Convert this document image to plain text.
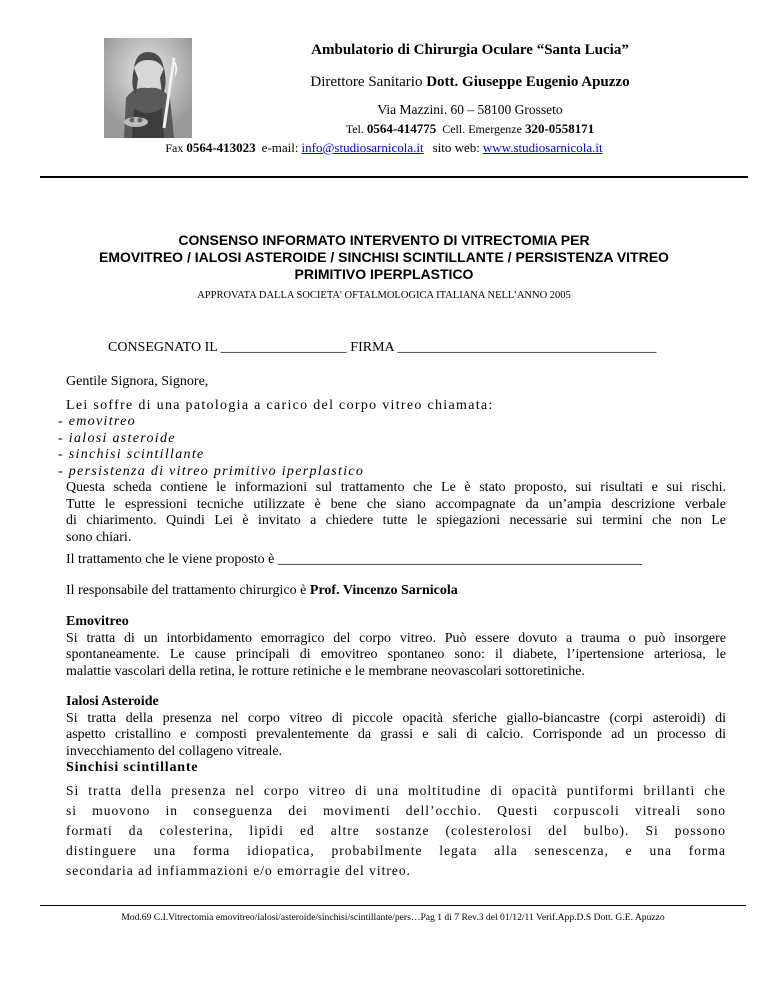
Ambulatorio di Chirurgia Oculare “Santa Lucia”
Direttore Sanitario Dott. Giuseppe Eugenio Apuzzo
Via Mazzini. 60 – 58100 Grosseto
Tel. 0564-414775 Cell. Emergenze 320-0558171
Fax 0564-413023 e-mail: info@studiosarnicola.it sito web: www.studiosarnicola.it
CONSENSO INFORMATO INTERVENTO DI VITRECTOMIA PER
EMOVITREO / IALOSI ASTEROIDE / SINCHISI SCINTILLANTE / PERSISTENZA VITREO
PRIMITIVO IPERPLASTICO
APPROVATA DALLA SOCIETA' OFTALMOLOGICA ITALIANA NELL’ANNO 2005
CONSEGNATO IL __________________ FIRMA _____________________________________
Gentile Signora, Signore,
Lei soffre di una patologia a carico del corpo vitreo chiamata:
- emovitreo
- ialosi asteroide
- sinchisi scintillante
- persistenza di vitreo primitivo iperplastico
Questa scheda contiene le informazioni sul trattamento che Le è stato proposto, sui risultati e sui rischi.
Tutte le espressioni tecniche utilizzate è bene che siano accompagnate da un’ampia descrizione verbale
di chiarimento. Quindi Lei è invitato a chiedere tutte le spiegazioni necessarie sui termini che non Le
sono chiari.
Il trattamento che le viene proposto è ____________________________________________________
Il responsabile del trattamento chirurgico è Prof. Vincenzo Sarnicola
Emovitreo
Si tratta di un intorbidamento emorragico del corpo vitreo. Può essere dovuto a trauma o può insorgere
spontaneamente. Le cause principali di emovitreo spontaneo sono: il diabete, l’ipertensione arteriosa, le
malattie vascolari della retina, le rotture retiniche e le membrane neovascolari sottoretiniche.
Ialosi Asteroide
Si tratta della presenza nel corpo vitreo di piccole opacità sferiche giallo-biancastre (corpi asteroidi) di
aspetto cristallino e composti prevalentemente da grassi e sali di calcio. Corrisponde ad un processo di
invecchiamento del collageno vitreale.
Sinchisi scintillante
Si tratta della presenza nel corpo vitreo di una moltitudine di opacità puntiformi brillanti che
si muovono in conseguenza dei movimenti dell’occhio. Questi corpuscoli vitreali sono
formati da colesterina, lipidi ed altre sostanze (colesterolosi del bulbo). Si possono
distinguere una forma idiopatica, probabilmente legata alla senescenza, e una forma
secondaria ad infiammazioni e/o emorragie del vitreo.
Mod.69 C.I.Vitrectomia emovitreo/ialosi/asteroide/sinchisi/scintillante/pers…Pag 1 di 7 Rev.3 del 01/12/11 Verif.App.D.S Dott. G.E. Apuzzo
